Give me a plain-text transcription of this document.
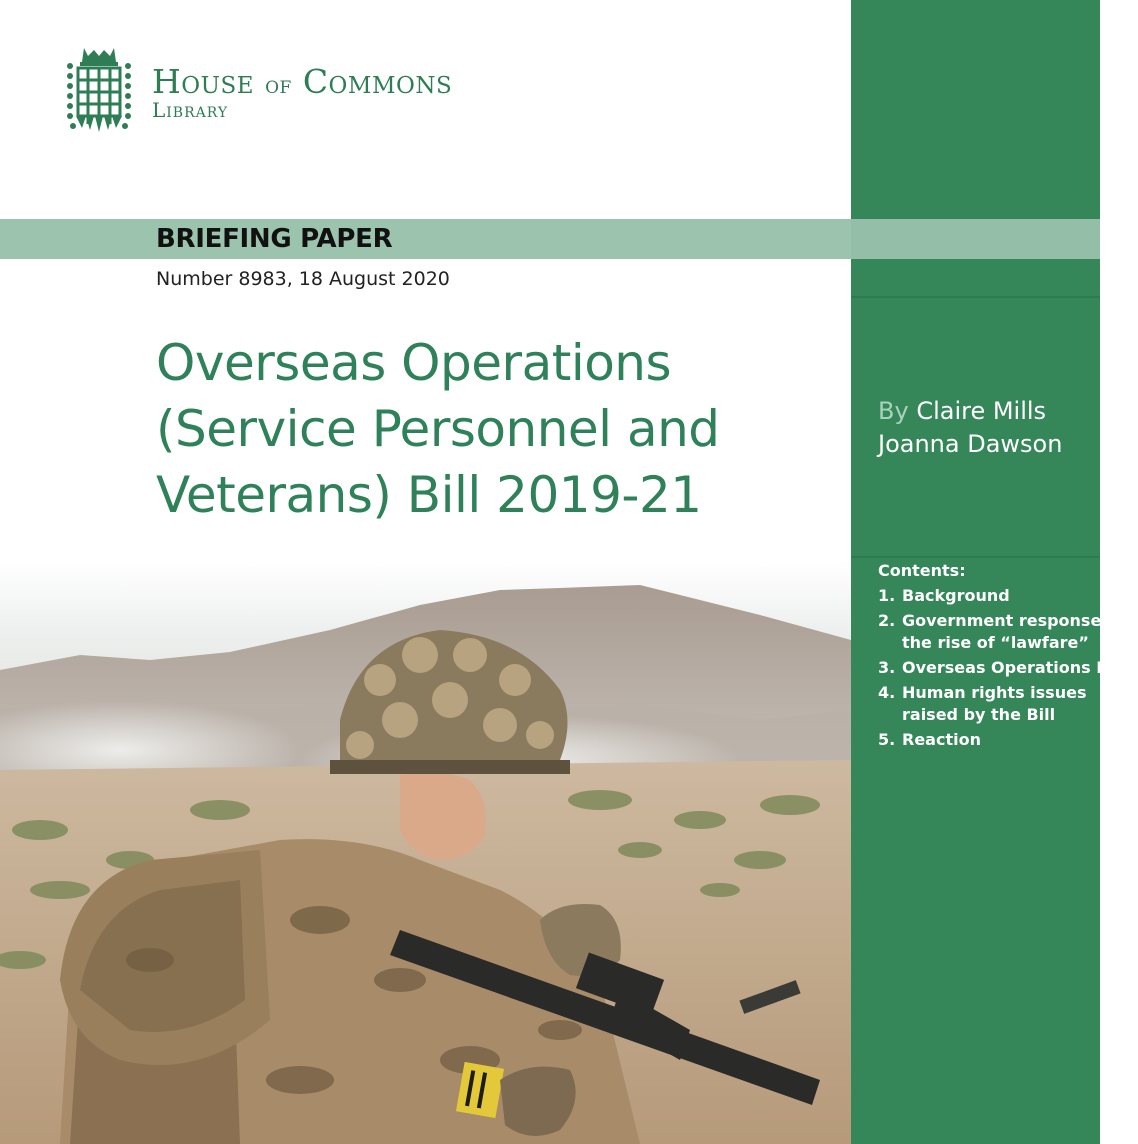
House of Commons
Library
BRIEFING PAPER
Number 8983, 18 August 2020
Overseas Operations
(Service Personnel and
Veterans) Bill 2019-21
By Claire Mills
Joanna Dawson
Contents:
1. Background
2. Government response to the rise of “lawfare”
3. Overseas Operations Bill
4. Human rights issues raised by the Bill
5. Reaction
